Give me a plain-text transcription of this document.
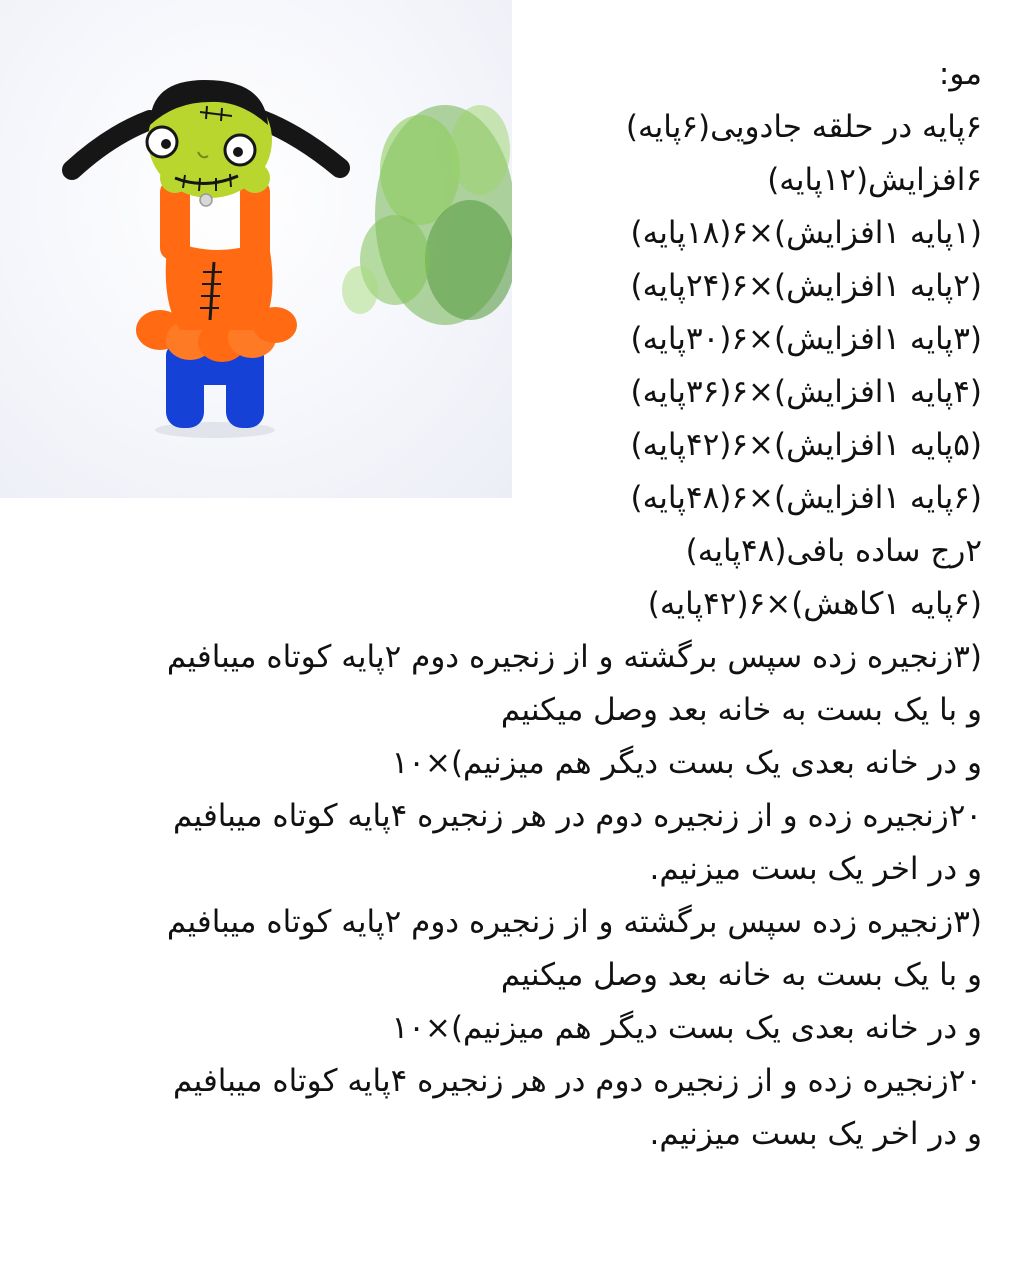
مو:
۶پایه در حلقه جادویی(۶پایه)
۶افزایش(۱۲پایه)
(۱پایه ۱افزایش)×۶(۱۸پایه)
(۲پایه ۱افزایش)×۶(۲۴پایه)
(۳پایه ۱افزایش)×۶(۳۰پایه)
(۴پایه ۱افزایش)×۶(۳۶پایه)
(۵پایه ۱افزایش)×۶(۴۲پایه)
(۶پایه ۱افزایش)×۶(۴۸پایه)
۲رج ساده بافی(۴۸پایه)
(۶پایه ۱کاهش)×۶(۴۲پایه)
(۳زنجیره زده سپس برگشته و از زنجیره دوم ۲پایه کوتاه میبافیم
و با یک بست به خانه بعد وصل میکنیم
و در خانه بعدی یک بست دیگر هم میزنیم)×۱۰
۲۰زنجیره زده و از زنجیره دوم در هر زنجیره ۴پایه کوتاه میبافیم
و در اخر یک بست میزنیم.
(۳زنجیره زده سپس برگشته و از زنجیره دوم ۲پایه کوتاه میبافیم
و با یک بست به خانه بعد وصل میکنیم
و در خانه بعدی یک بست دیگر هم میزنیم)×۱۰
۲۰زنجیره زده و از زنجیره دوم در هر زنجیره ۴پایه کوتاه میبافیم
و در اخر یک بست میزنیم.
